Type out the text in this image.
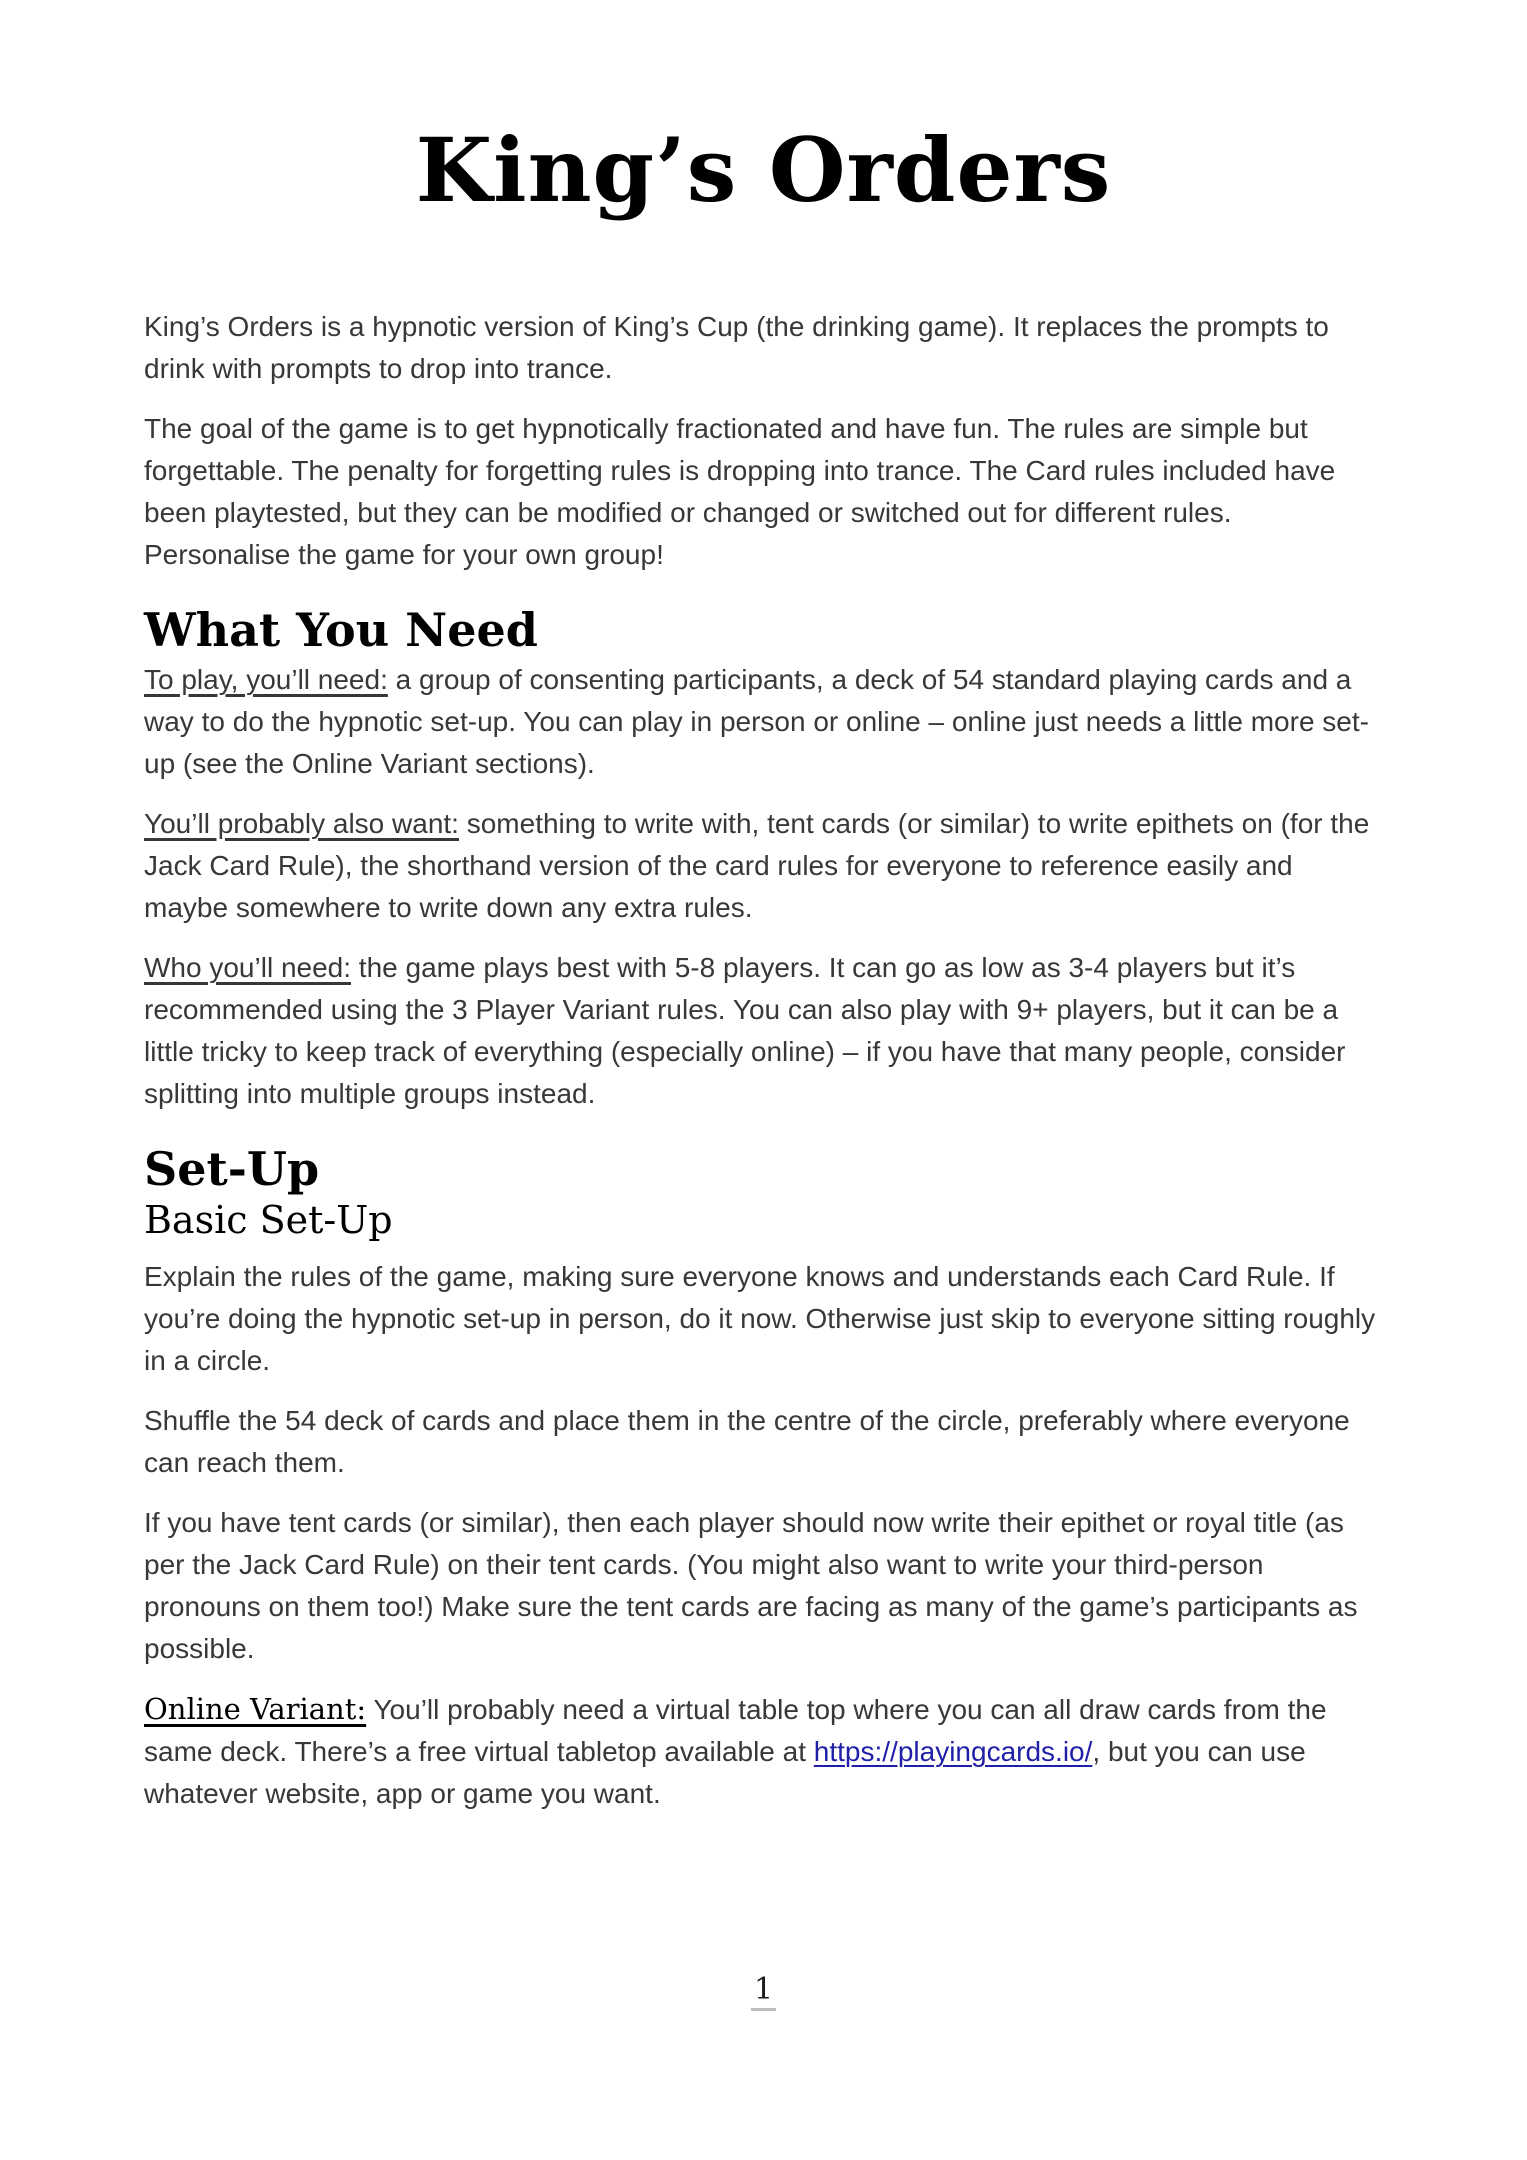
King’s Orders

King’s Orders is a hypnotic version of King’s Cup (the drinking game). It replaces the prompts to drink with prompts to drop into trance.

The goal of the game is to get hypnotically fractionated and have fun. The rules are simple but forgettable. The penalty for forgetting rules is dropping into trance. The Card rules included have been playtested, but they can be modified or changed or switched out for different rules. Personalise the game for your own group!

What You Need

To play, you’ll need: a group of consenting participants, a deck of 54 standard playing cards and a way to do the hypnotic set-up. You can play in person or online – online just needs a little more set-up (see the Online Variant sections).

You’ll probably also want: something to write with, tent cards (or similar) to write epithets on (for the Jack Card Rule), the shorthand version of the card rules for everyone to reference easily and maybe somewhere to write down any extra rules.

Who you’ll need: the game plays best with 5-8 players. It can go as low as 3-4 players but it’s recommended using the 3 Player Variant rules. You can also play with 9+ players, but it can be a little tricky to keep track of everything (especially online) – if you have that many people, consider splitting into multiple groups instead.

Set-Up
Basic Set-Up

Explain the rules of the game, making sure everyone knows and understands each Card Rule. If you’re doing the hypnotic set-up in person, do it now. Otherwise just skip to everyone sitting roughly in a circle.

Shuffle the 54 deck of cards and place them in the centre of the circle, preferably where everyone can reach them.

If you have tent cards (or similar), then each player should now write their epithet or royal title (as per the Jack Card Rule) on their tent cards. (You might also want to write your third-person pronouns on them too!) Make sure the tent cards are facing as many of the game’s participants as possible.

Online Variant: You’ll probably need a virtual table top where you can all draw cards from the same deck. There’s a free virtual tabletop available at https://playingcards.io/, but you can use whatever website, app or game you want.

1
